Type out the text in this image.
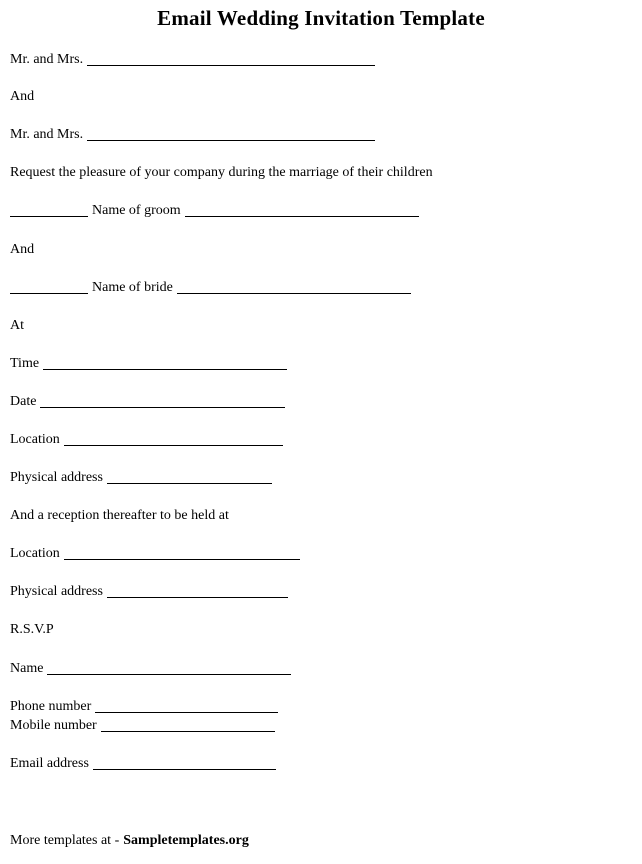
Email Wedding Invitation Template
Mr. and Mrs.
And
Mr. and Mrs.
Request the pleasure of your company during the marriage of their children
Name of groom
And
Name of bride
At
Time
Date
Location
Physical address
And a reception thereafter to be held at
Location
Physical address
R.S.V.P
Name
Phone number
Mobile number
Email address
More templates at - Sampletemplates.org
